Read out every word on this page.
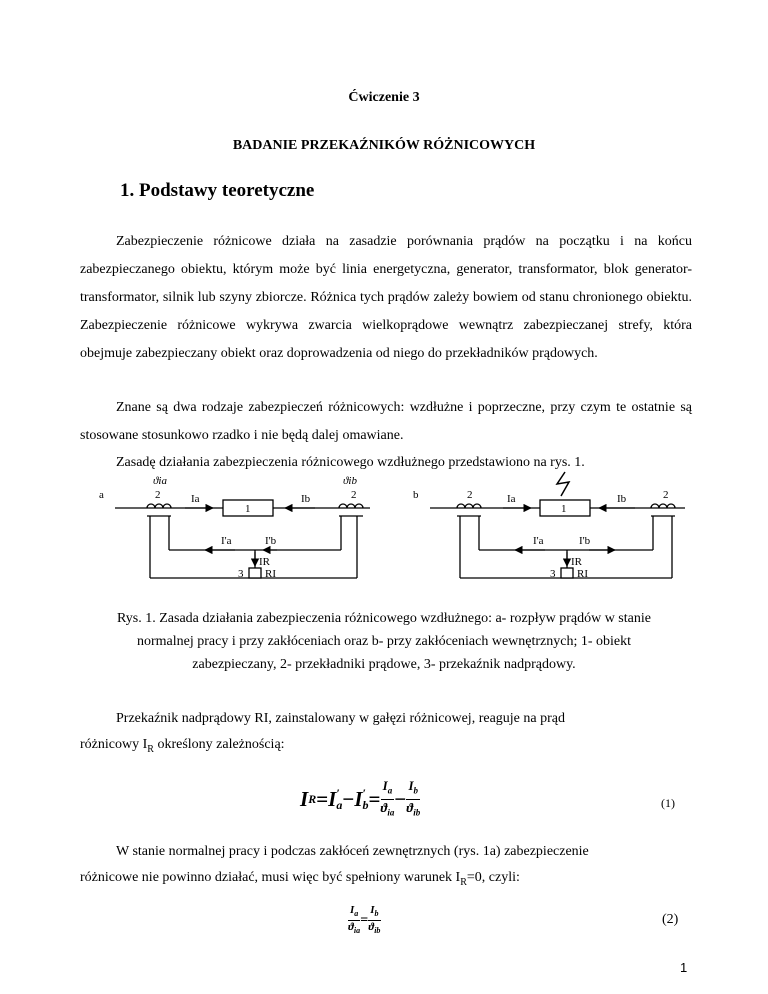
Ćwiczenie 3
BADANIE PRZEKAŹNIKÓW RÓŻNICOWYCH
1. Podstawy teoretyczne
Zabezpieczenie różnicowe działa na zasadzie porównania prądów na początku i na końcu zabezpieczanego obiektu, którym może być linia energetyczna, generator, transformator, blok generator-transformator, silnik lub szyny zbiorcze. Różnica tych prądów zależy bowiem od stanu chronionego obiektu. Zabezpieczenie różnicowe wykrywa zwarcia wielkoprądowe wewnątrz zabezpieczanej strefy, która obejmuje zabezpieczany obiekt oraz doprowadzenia od niego do przekładników prądowych.
Znane są dwa rodzaje zabezpieczeń różnicowych: wzdłużne i poprzeczne, przy czym te ostatnie są stosowane stosunkowo rzadko i nie będą dalej omawiane.
Zasadę działania zabezpieczenia różnicowego wzdłużnego przedstawiono na rys. 1.
a
ϑia
2	Ia
1
Ib
ϑib
2
I'a	I'b
IR
3 RI
b	2	Ia
1
Ib	2
I'a	I'b
IR
3 RI
Rys. 1. Zasada działania zabezpieczenia różnicowego wzdłużnego: a- rozpływ prądów w stanie normalnej pracy i przy zakłóceniach oraz b- przy zakłóceniach wewnętrznych; 1- obiekt zabezpieczany, 2- przekładniki prądowe, 3- przekaźnik nadprądowy.
Przekaźnik nadprądowy RI, zainstalowany w gałęzi różnicowej, reaguje na prąd
różnicowy $I_R$ określony zależnością:
I R = I ′
a − I ′
b =
$I_a$
$ϑ_{ia}$
−
$I_b$
$ϑ_{ib}$
(1)
W stanie normalnej pracy i podczas zakłóceń zewnętrznych (rys. 1a) zabezpieczenie
różnicowe nie powinno działać, musi więc być spełniony warunek $I_R=0$, czyli:
$I_a$
$ϑ_{ia}$
=
$I_b$
$ϑ_{ib}$
(2)
1
